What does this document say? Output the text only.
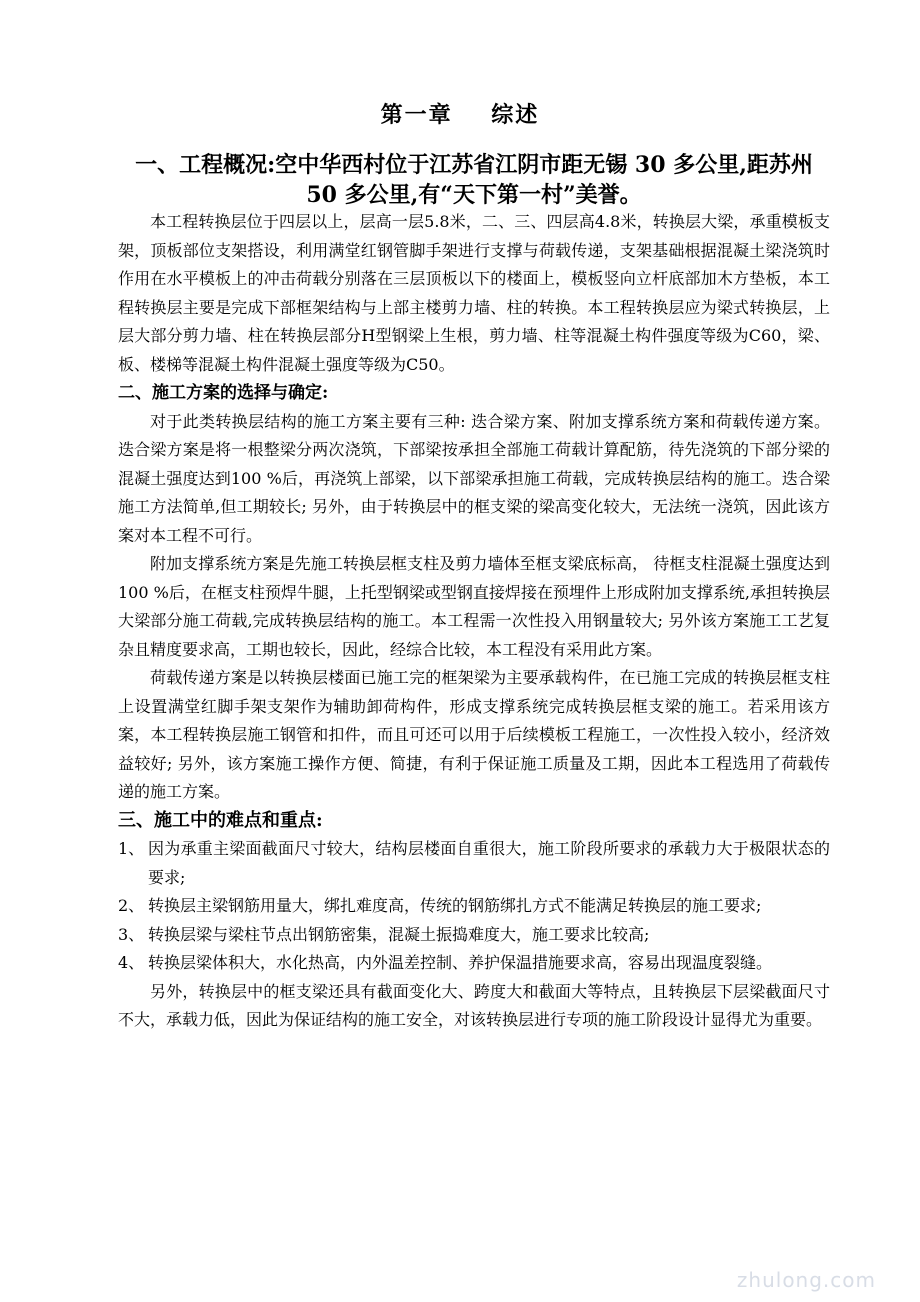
第一章    综述
一、工程概况:空中华西村位于江苏省江阴市距无锡 30 多公里,距苏州 50 多公里,有“天下第一村”美誉。

本工程转换层位于四层以上，层高一层5.8米，二、三、四层高4.8米，转换层大梁，承重模板支架，顶板部位支架搭设，利用满堂红钢管脚手架进行支撑与荷载传递，支架基础根据混凝土梁浇筑时作用在水平模板上的冲击荷载分别落在三层顶板以下的楼面上，模板竖向立杆底部加木方垫板，本工程转换层主要是完成下部框架结构与上部主楼剪力墙、柱的转换。本工程转换层应为梁式转换层，上层大部分剪力墙、柱在转换层部分H型钢梁上生根，剪力墙、柱等混凝土构件强度等级为C60，梁、板、楼梯等混凝土构件混凝土强度等级为C50。

二、施工方案的选择与确定:

对于此类转换层结构的施工方案主要有三种: 迭合梁方案、附加支撑系统方案和荷载传递方案。迭合梁方案是将一根整梁分两次浇筑，下部梁按承担全部施工荷载计算配筋，待先浇筑的下部分梁的混凝土强度达到100 %后，再浇筑上部梁，以下部梁承担施工荷载，完成转换层结构的施工。迭合梁施工方法简单,但工期较长; 另外，由于转换层中的框支梁的梁高变化较大，无法统一浇筑，因此该方案对本工程不可行。

附加支撑系统方案是先施工转换层框支柱及剪力墙体至框支梁底标高， 待框支柱混凝土强度达到100 %后，在框支柱预焊牛腿，上托型钢梁或型钢直接焊接在预埋件上形成附加支撑系统,承担转换层大梁部分施工荷载,完成转换层结构的施工。本工程需一次性投入用钢量较大; 另外该方案施工工艺复杂且精度要求高，工期也较长，因此，经综合比较，本工程没有采用此方案。

荷载传递方案是以转换层楼面已施工完的框架梁为主要承载构件，在已施工完成的转换层框支柱上设置满堂红脚手架支架作为辅助卸荷构件，形成支撑系统完成转换层框支梁的施工。若采用该方案，本工程转换层施工钢管和扣件，而且可还可以用于后续模板工程施工，一次性投入较小，经济效益较好; 另外，该方案施工操作方便、简捷，有利于保证施工质量及工期，因此本工程选用了荷载传递的施工方案。

三、施工中的难点和重点:

1、 因为承重主梁面截面尺寸较大，结构层楼面自重很大，施工阶段所要求的承载力大于极限状态的要求;
2、 转换层主梁钢筋用量大，绑扎难度高，传统的钢筋绑扎方式不能满足转换层的施工要求;
3、 转换层梁与梁柱节点出钢筋密集，混凝土振捣难度大，施工要求比较高;
4、 转换层梁体积大，水化热高，内外温差控制、养护保温措施要求高，容易出现温度裂缝。

另外，转换层中的框支梁还具有截面变化大、跨度大和截面大等特点，且转换层下层梁截面尺寸不大，承载力低，因此为保证结构的施工安全，对该转换层进行专项的施工阶段设计显得尤为重要。

zhulong.com
